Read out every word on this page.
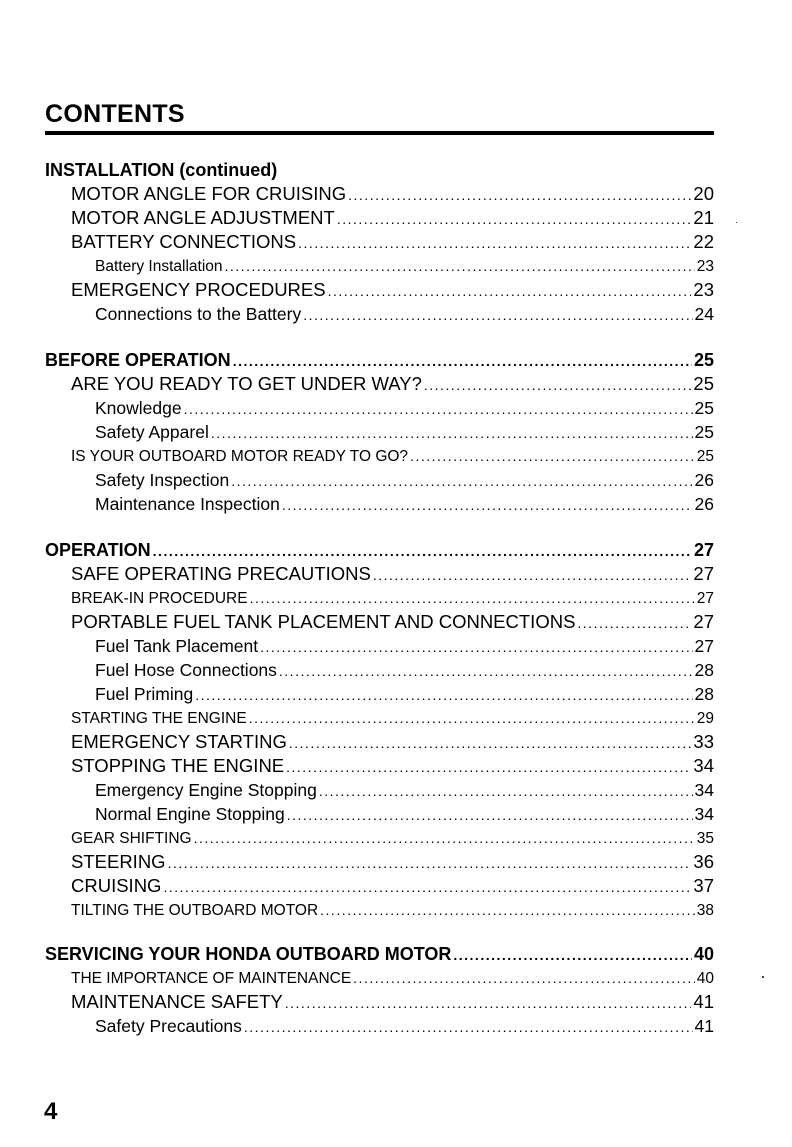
CONTENTS
INSTALLATION (continued)
MOTOR ANGLE FOR CRUISING .....	20
MOTOR ANGLE ADJUSTMENT .....	21
BATTERY CONNECTIONS .....	22
Battery Installation .....	23
EMERGENCY PROCEDURES .....	23
Connections to the Battery .....	24
BEFORE OPERATION .....	25
ARE YOU READY TO GET UNDER WAY? .....	25
Knowledge .....	25
Safety Apparel .....	25
IS YOUR OUTBOARD MOTOR READY TO GO? .....	25
Safety Inspection .....	26
Maintenance Inspection .....	26
OPERATION .....	27
SAFE OPERATING PRECAUTIONS .....	27
BREAK-IN PROCEDURE .....	27
PORTABLE FUEL TANK PLACEMENT AND CONNECTIONS .....	27
Fuel Tank Placement .....	27
Fuel Hose Connections .....	28
Fuel Priming .....	28
STARTING THE ENGINE .....	29
EMERGENCY STARTING .....	33
STOPPING THE ENGINE .....	34
Emergency Engine Stopping .....	34
Normal Engine Stopping .....	34
GEAR SHIFTING .....	35
STEERING .....	36
CRUISING .....	37
TILTING THE OUTBOARD MOTOR .....	38
SERVICING YOUR HONDA OUTBOARD MOTOR .....	40
THE IMPORTANCE OF MAINTENANCE .....	40
MAINTENANCE SAFETY .....	41
Safety Precautions .....	41
4
